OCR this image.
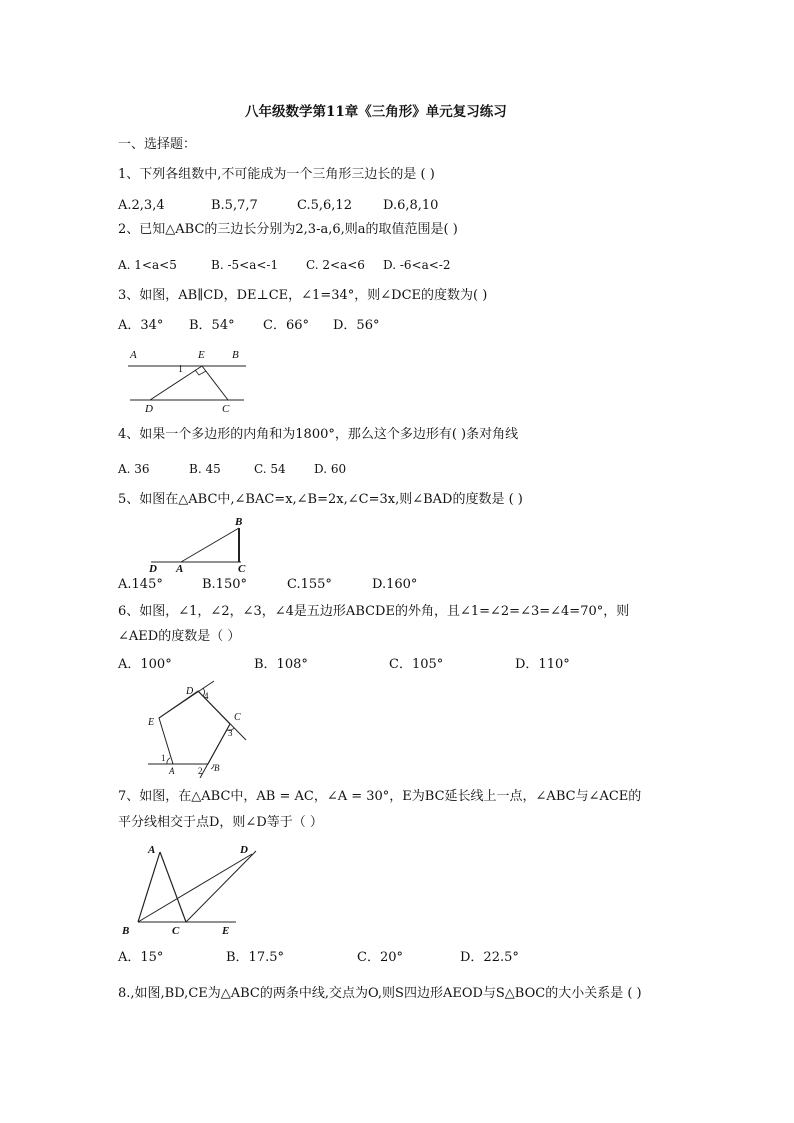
八年级数学第11章《三角形》单元复习练习
一、选择题：
1、下列各组数中,不可能成为一个三角形三边长的是 ( )
A.2,3,4	B.5,7,7	C.5,6,12 D.6,8,10
2、已知△ABC的三边长分别为2,3-a,6,则a的取值范围是( )
A. 1<a<5	B. -5<a<-1 C. 2<a<6 D. -6<a<-2
3、如图，AB∥CD，DE⊥CE，∠1=34°，则∠DCE的度数为( )
A．34° B．54° C．66° D．56°
A	E B
1
D	C
4、如果一个多边形的内角和为1800°，那么这个多边形有( )条对角线
A. 36	B. 45	C. 54 D. 60
5、如图在△ABC中,∠BAC=x,∠B=2x,∠C=3x,则∠BAD的度数是 ( )
B
D A	C
A.145°	B.150°	C.155°	D.160°
6、如图，∠1，∠2，∠3，∠4是五边形ABCDE的外角，且∠1=∠2=∠3=∠4=70°，则
∠AED的度数是（ ）
A．100°	B．108°	C．105°	D．110°
D 4
C
E
3
1
A	2 B
7、如图，在△ABC中，AB = AC，∠A = 30°，E为BC延长线上一点，∠ABC与∠ACE的
平分线相交于点D，则∠D等于（ ）
A	D
B	C	E
A．15°	B．17.5°	C．20°	D．22.5°
8.,如图,BD,CE为△ABC的两条中线,交点为O,则S四边形AEOD与S△BOC的大小关系是 ( )
